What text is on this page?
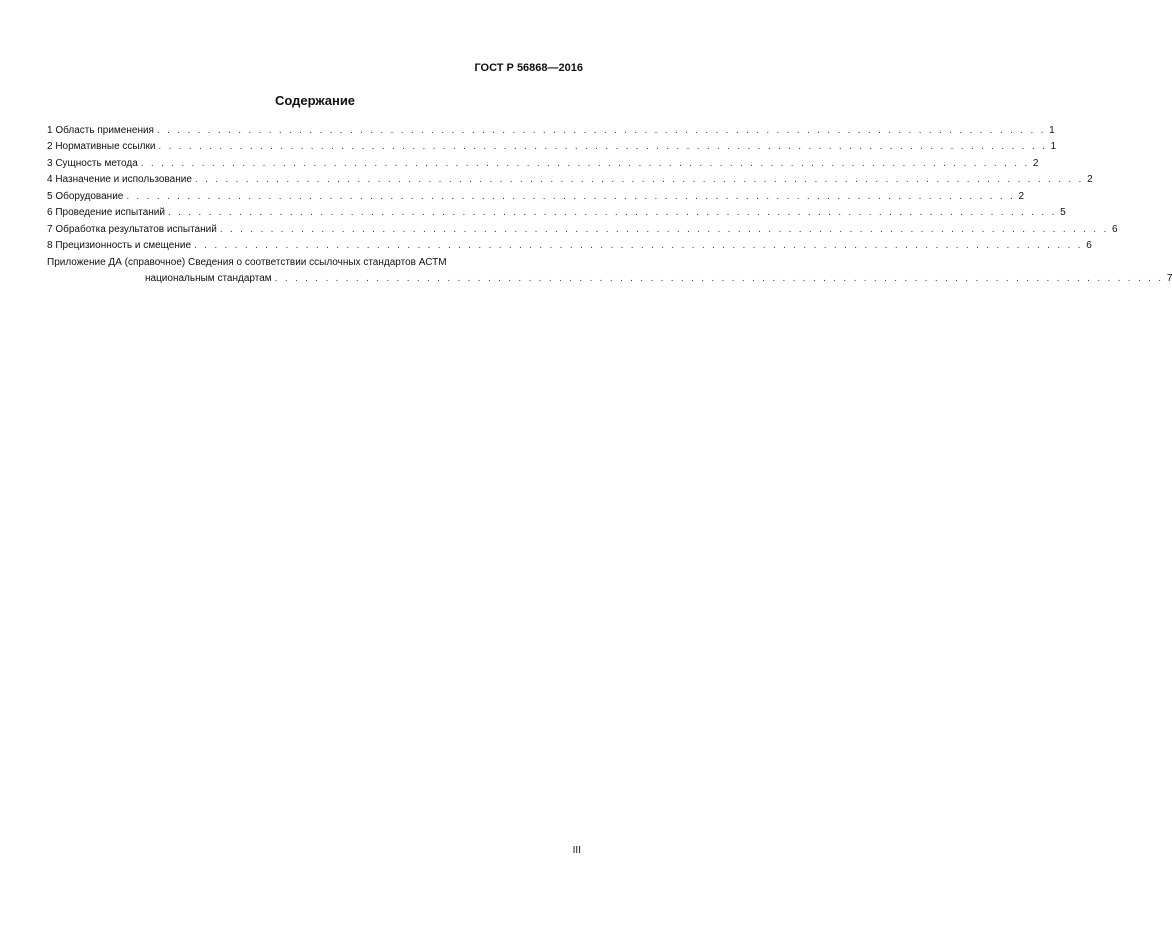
ГОСТ Р 56868—2016
Содержание
1 Область применения . . . . . . . . . . . . . . . . . . . . . . . . . . . . . . . . . . . . . . . . . . . . . . . . . . . . . . . . . . . . . . . . . . . . . . . . . . . . . . . . . . . . . . . . 1
2 Нормативные ссылки . . . . . . . . . . . . . . . . . . . . . . . . . . . . . . . . . . . . . . . . . . . . . . . . . . . . . . . . . . . . . . . . . . . . . . . . . . . . . . . . . . . . . . . . 1
3 Сущность метода . . . . . . . . . . . . . . . . . . . . . . . . . . . . . . . . . . . . . . . . . . . . . . . . . . . . . . . . . . . . . . . . . . . . . . . . . . . . . . . . . . . . . . . . 2
4 Назначение и использование . . . . . . . . . . . . . . . . . . . . . . . . . . . . . . . . . . . . . . . . . . . . . . . . . . . . . . . . . . . . . . . . . . . . . . . . . . . . . . . . . . . . . . . . 2
5 Оборудование . . . . . . . . . . . . . . . . . . . . . . . . . . . . . . . . . . . . . . . . . . . . . . . . . . . . . . . . . . . . . . . . . . . . . . . . . . . . . . . . . . . . . . . . 2
6 Проведение испытаний . . . . . . . . . . . . . . . . . . . . . . . . . . . . . . . . . . . . . . . . . . . . . . . . . . . . . . . . . . . . . . . . . . . . . . . . . . . . . . . . . . . . . . . . 5
7 Обработка результатов испытаний . . . . . . . . . . . . . . . . . . . . . . . . . . . . . . . . . . . . . . . . . . . . . . . . . . . . . . . . . . . . . . . . . . . . . . . . . . . . . . . . . . . . . . . . 6
8 Прецизионность и смещение . . . . . . . . . . . . . . . . . . . . . . . . . . . . . . . . . . . . . . . . . . . . . . . . . . . . . . . . . . . . . . . . . . . . . . . . . . . . . . . . . . . . . . . . 6
Приложение ДА (справочное) Сведения о соответствии ссылочных стандартов АСТМ
национальным стандартам . . . . . . . . . . . . . . . . . . . . . . . . . . . . . . . . . . . . . . . . . . . . . . . . . . . . . . . . . . . . . . . . . . . . . . . . . . . . . . . . . . . . . . . . 7
III
